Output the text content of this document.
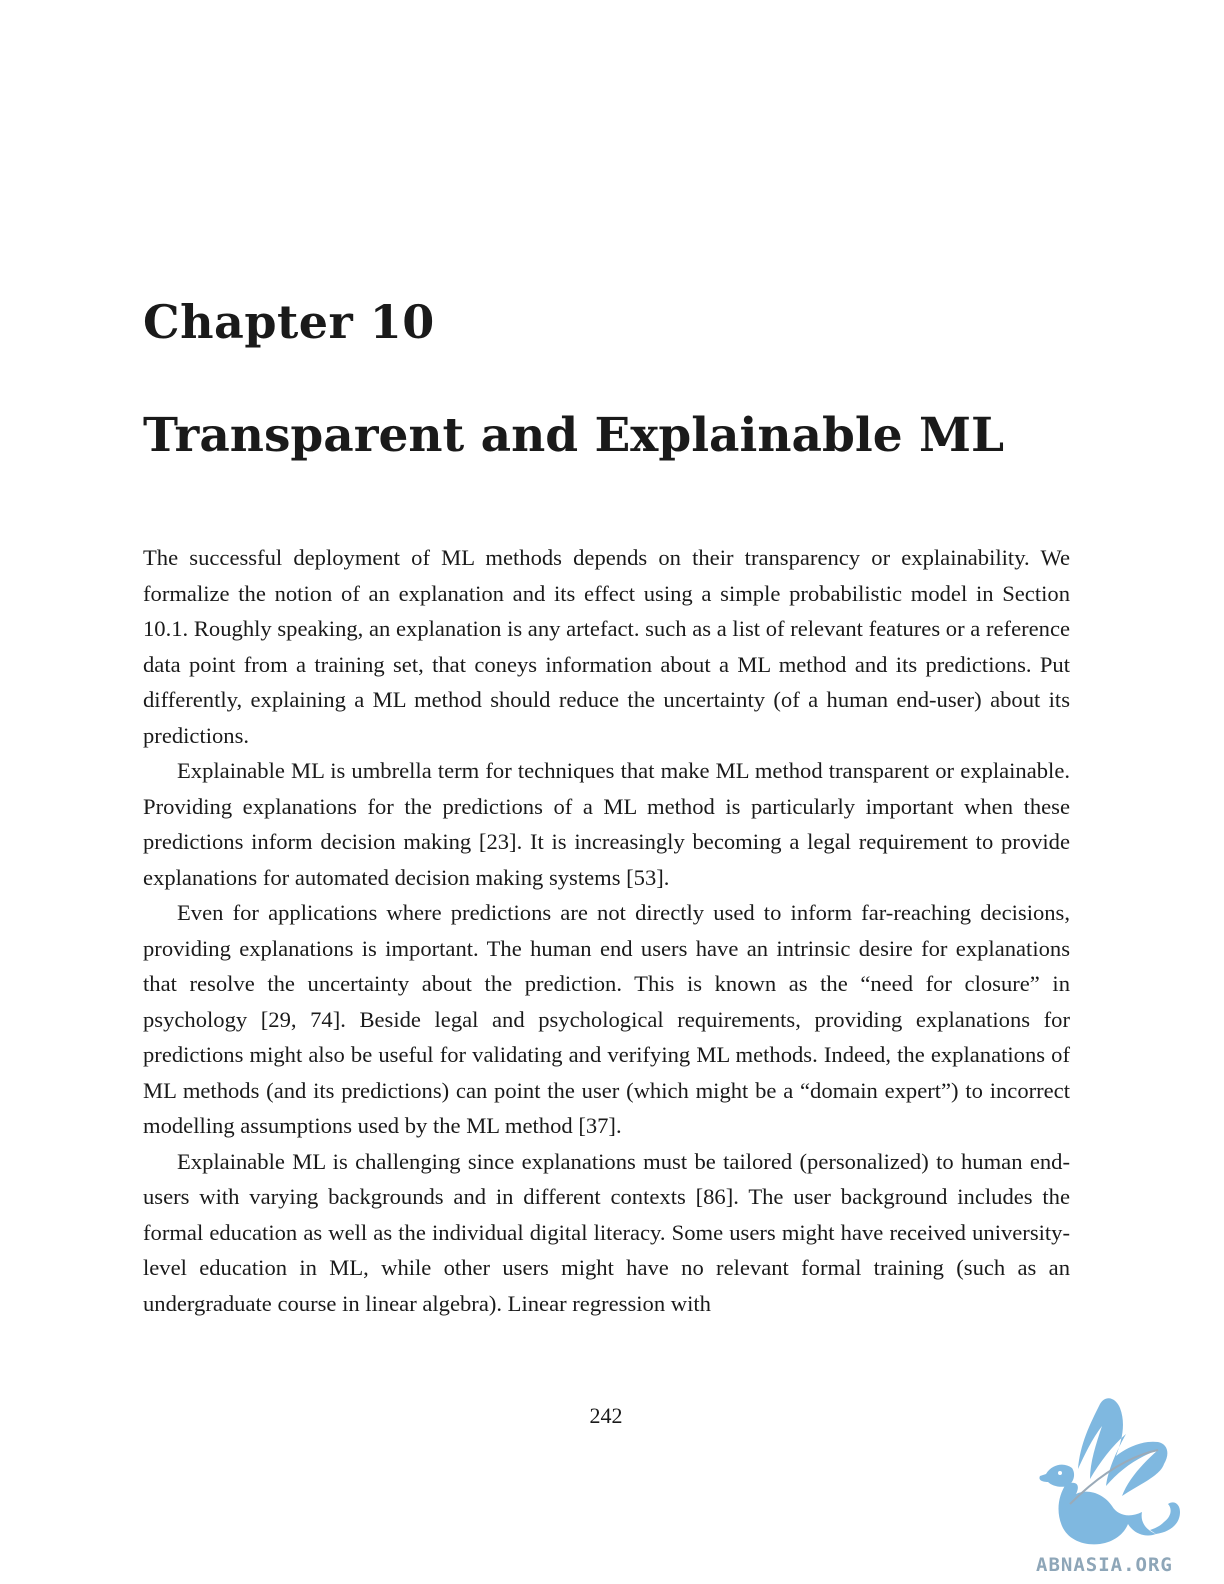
Chapter 10
Transparent and Explainable ML

The successful deployment of ML methods depends on their transparency or explainability. We formalize the notion of an explanation and its effect using a simple probabilistic model in Section 10.1. Roughly speaking, an explanation is any artefact. such as a list of relevant features or a reference data point from a training set, that coneys information about a ML method and its predictions. Put differently, explaining a ML method should reduce the uncertainty (of a human end-user) about its predictions.

Explainable ML is umbrella term for techniques that make ML method transparent or explainable. Providing explanations for the predictions of a ML method is particularly important when these predictions inform decision making [23]. It is increasingly becoming a legal requirement to provide explanations for automated decision making systems [53].

Even for applications where predictions are not directly used to inform far-reaching decisions, providing explanations is important. The human end users have an intrinsic desire for explanations that resolve the uncertainty about the prediction. This is known as the “need for closure” in psychology [29, 74]. Beside legal and psychological requirements, providing explanations for predictions might also be useful for validating and verifying ML methods. Indeed, the explanations of ML methods (and its predictions) can point the user (which might be a “domain expert”) to incorrect modelling assumptions used by the ML method [37].

Explainable ML is challenging since explanations must be tailored (personalized) to human end-users with varying backgrounds and in different contexts [86]. The user background includes the formal education as well as the individual digital literacy. Some users might have received university-level education in ML, while other users might have no relevant formal training (such as an undergraduate course in linear algebra). Linear regression with

242
ABNASIA.ORG
